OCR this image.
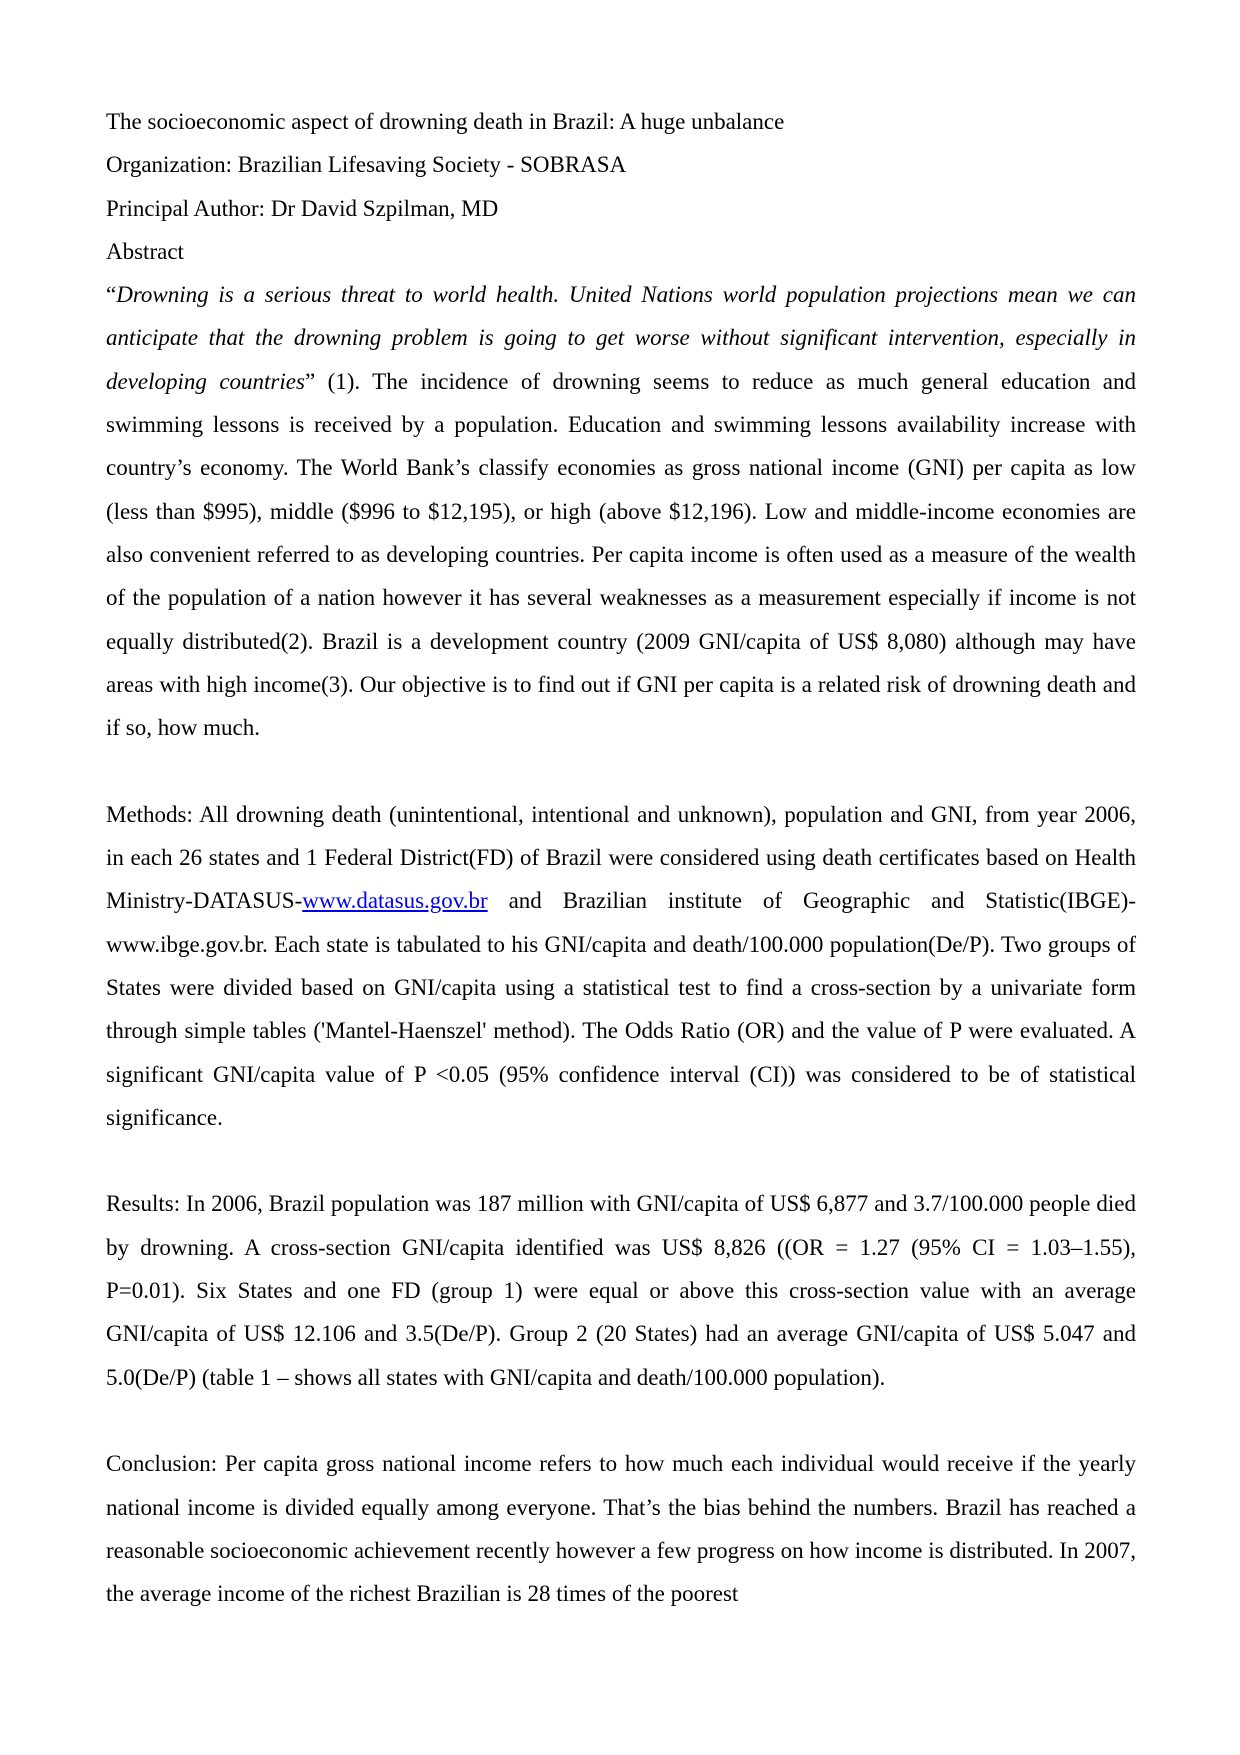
The socioeconomic aspect of drowning death in Brazil: A huge unbalance
Organization: Brazilian Lifesaving Society - SOBRASA
Principal Author: Dr David Szpilman, MD
Abstract

“Drowning is a serious threat to world health. United Nations world population projections mean we can anticipate that the drowning problem is going to get worse without significant intervention, especially in developing countries” (1). The incidence of drowning seems to reduce as much general education and swimming lessons is received by a population. Education and swimming lessons availability increase with country’s economy. The World Bank’s classify economies as gross national income (GNI) per capita as low (less than $995), middle ($996 to $12,195), or high (above $12,196). Low and middle-income economies are also convenient referred to as developing countries. Per capita income is often used as a measure of the wealth of the population of a nation however it has several weaknesses as a measurement especially if income is not equally distributed(2). Brazil is a development country (2009 GNI/capita of US$ 8,080) although may have areas with high income(3). Our objective is to find out if GNI per capita is a related risk of drowning death and if so, how much.

Methods: All drowning death (unintentional, intentional and unknown), population and GNI, from year 2006, in each 26 states and 1 Federal District(FD) of Brazil were considered using death certificates based on Health Ministry-DATASUS-www.datasus.gov.br and Brazilian institute of Geographic and Statistic(IBGE)-www.ibge.gov.br. Each state is tabulated to his GNI/capita and death/100.000 population(De/P). Two groups of States were divided based on GNI/capita using a statistical test to find a cross-section by a univariate form through simple tables ('Mantel-Haenszel' method). The Odds Ratio (OR) and the value of P were evaluated. A significant GNI/capita value of P <0.05 (95% confidence interval (CI)) was considered to be of statistical significance.

Results: In 2006, Brazil population was 187 million with GNI/capita of US$ 6,877 and 3.7/100.000 people died by drowning. A cross-section GNI/capita identified was US$ 8,826 ((OR = 1.27 (95% CI = 1.03–1.55), P=0.01). Six States and one FD (group 1) were equal or above this cross-section value with an average GNI/capita of US$ 12.106 and 3.5(De/P). Group 2 (20 States) had an average GNI/capita of US$ 5.047 and 5.0(De/P) (table 1 – shows all states with GNI/capita and death/100.000 population).

Conclusion: Per capita gross national income refers to how much each individual would receive if the yearly national income is divided equally among everyone. That’s the bias behind the numbers. Brazil has reached a reasonable socioeconomic achievement recently however a few progress on how income is distributed. In 2007, the average income of the richest Brazilian is 28 times of the poorest
